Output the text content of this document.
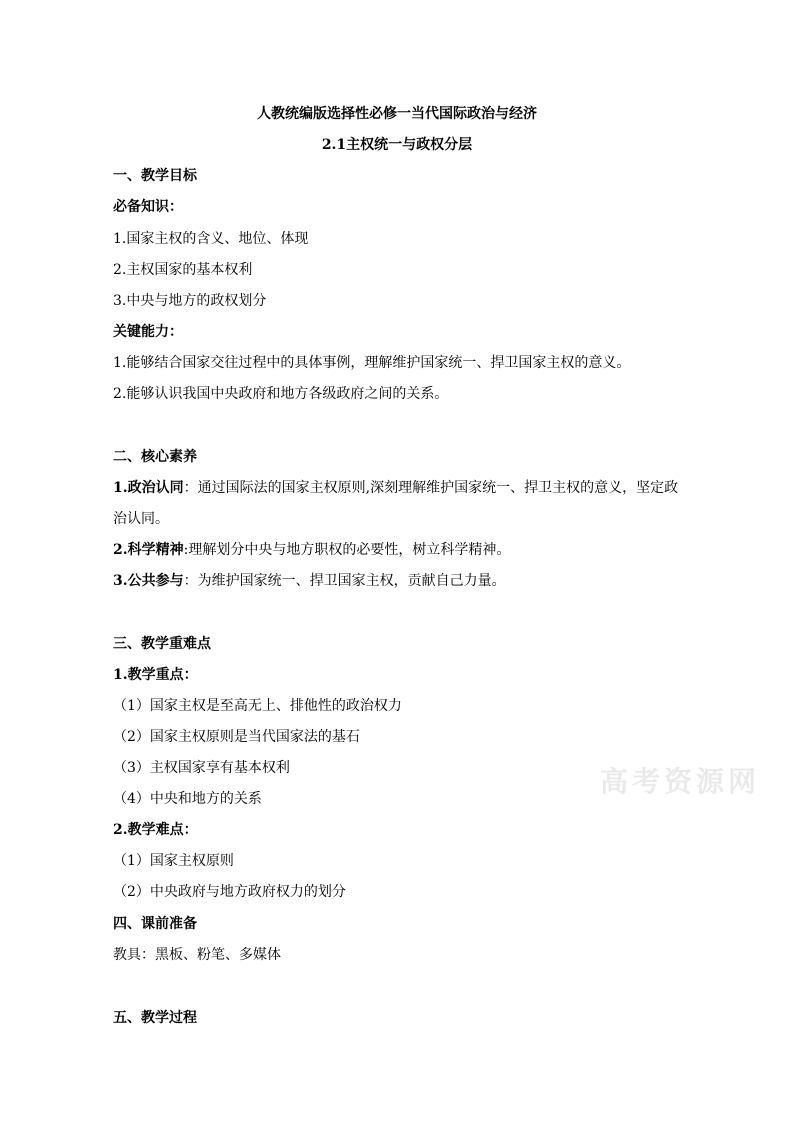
人教统编版选择性必修一当代国际政治与经济
2.1主权统一与政权分层
一、教学目标
必备知识：
1.国家主权的含义、地位、体现
2.主权国家的基本权利
3.中央与地方的政权划分
关键能力：
1.能够结合国家交往过程中的具体事例，理解维护国家统一、捍卫国家主权的意义。
2.能够认识我国中央政府和地方各级政府之间的关系。
二、核心素养
1.政治认同：通过国际法的国家主权原则,深刻理解维护国家统一、捍卫主权的意义，坚定政
治认同。
2.科学精神:理解划分中央与地方职权的必要性，树立科学精神。
3.公共参与：为维护国家统一、捍卫国家主权，贡献自己力量。
三、教学重难点
1.教学重点：
（1）国家主权是至高无上、排他性的政治权力
（2）国家主权原则是当代国家法的基石
（3）主权国家享有基本权利
（4）中央和地方的关系
2.教学难点：
（1）国家主权原则
（2）中央政府与地方政府权力的划分
四、课前准备
教具：黑板、粉笔、多媒体
五、教学过程
高考资源网
